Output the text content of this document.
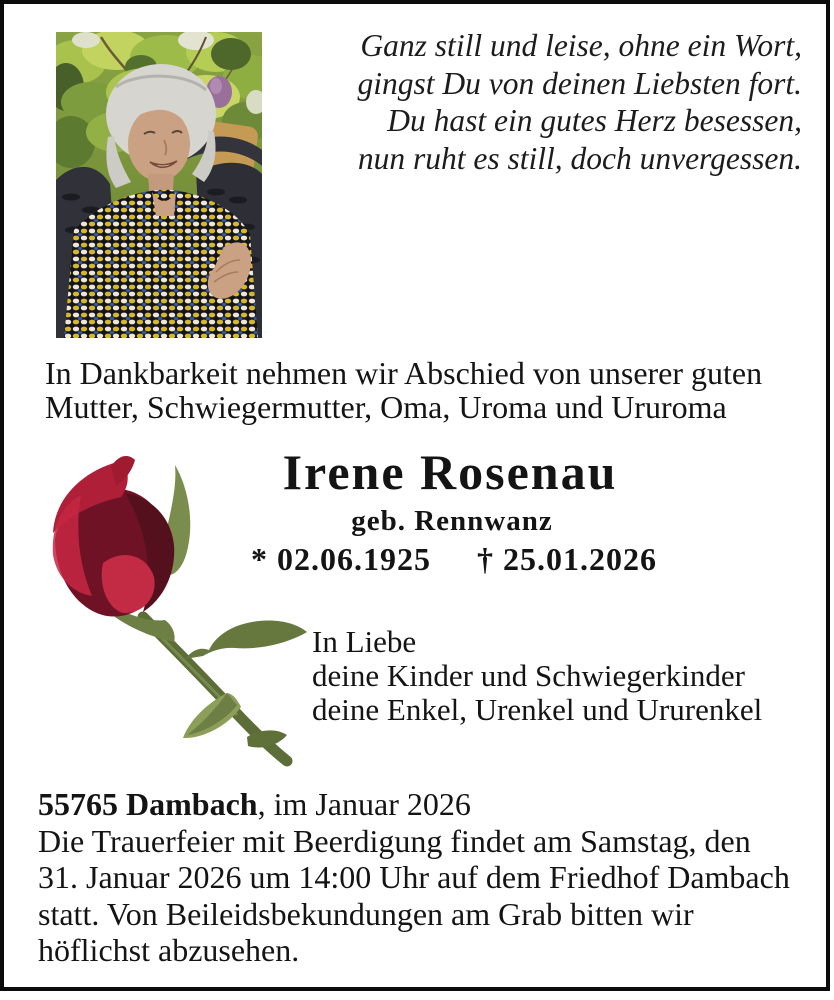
Ganz still und leise, ohne ein Wort,
gingst Du von deinen Liebsten fort.
Du hast ein gutes Herz besessen,
nun ruht es still, doch unvergessen.
In Dankbarkeit nehmen wir Abschied von unserer guten
Mutter, Schwiegermutter, Oma, Uroma und Ururoma
Irene Rosenau
geb. Rennwanz
* 02.06.1925 † 25.01.2026
In Liebe
deine Kinder und Schwiegerkinder
deine Enkel, Urenkel und Ururenkel
55765 Dambach, im Januar 2026
Die Trauerfeier mit Beerdigung findet am Samstag, den
31. Januar 2026 um 14:00 Uhr auf dem Friedhof Dambach
statt. Von Beileidsbekundungen am Grab bitten wir
höflichst abzusehen.
